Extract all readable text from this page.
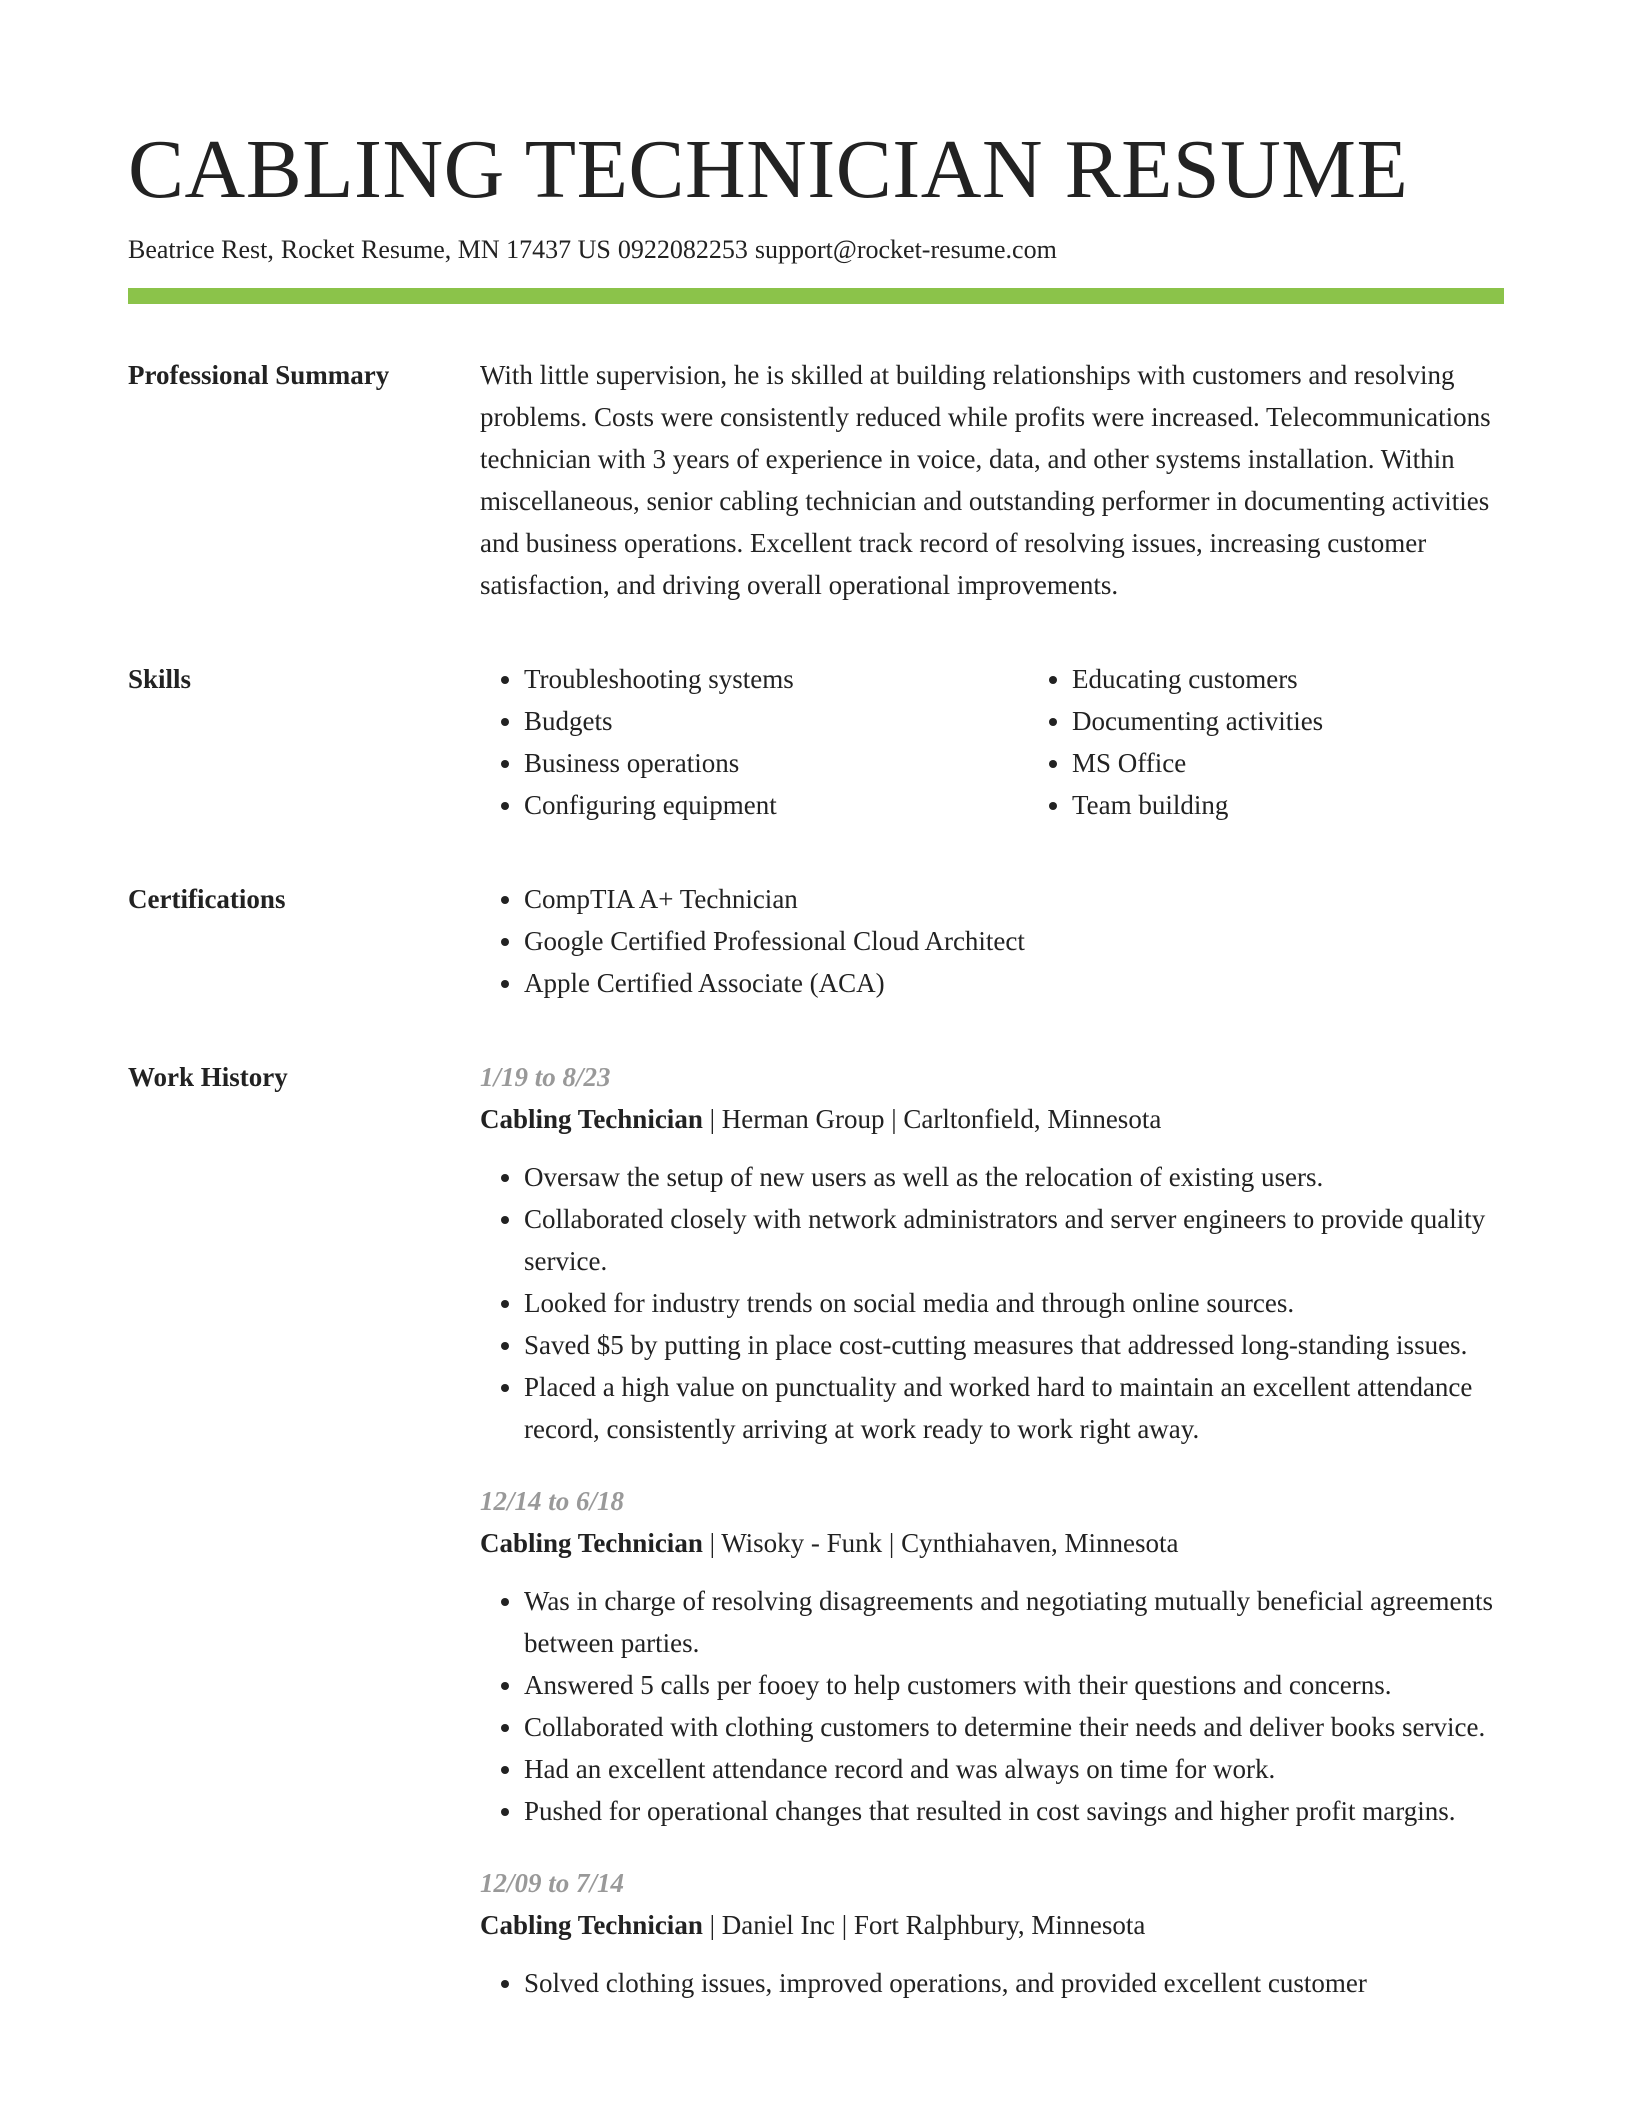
CABLING TECHNICIAN RESUME
Beatrice Rest, Rocket Resume, MN 17437 US 0922082253 support@rocket-resume.com
Professional Summary	With little supervision, he is skilled at building relationships with customers and resolving problems. Costs were consistently reduced while profits were increased. Telecommunications technician with 3 years of experience in voice, data, and other systems installation. Within miscellaneous, senior cabling technician and outstanding performer in documenting activities and business operations. Excellent track record of resolving issues, increasing customer satisfaction, and driving overall operational improvements.

Skills	• Troubleshooting systems
• Budgets
• Business operations
• Configuring equipment
• Educating customers
• Documenting activities
• MS Office
• Team building
Certifications	• CompTIA A+ Technician
• Google Certified Professional Cloud Architect
• Apple Certified Associate (ACA)
Work History	1/19 to 8/23
Cabling Technician | Herman Group | Carltonfield, Minnesota
• Oversaw the setup of new users as well as the relocation of existing users.
• Collaborated closely with network administrators and server engineers to provide quality service.
• Looked for industry trends on social media and through online sources.
• Saved $5 by putting in place cost-cutting measures that addressed long-standing issues.
• Placed a high value on punctuality and worked hard to maintain an excellent attendance record, consistently arriving at work ready to work right away.
12/14 to 6/18
Cabling Technician | Wisoky - Funk | Cynthiahaven, Minnesota
• Was in charge of resolving disagreements and negotiating mutually beneficial agreements between parties.
• Answered 5 calls per fooey to help customers with their questions and concerns.
• Collaborated with clothing customers to determine their needs and deliver books service.
• Had an excellent attendance record and was always on time for work.
• Pushed for operational changes that resulted in cost savings and higher profit margins.
12/09 to 7/14
Cabling Technician | Daniel Inc | Fort Ralphbury, Minnesota
• Solved clothing issues, improved operations, and provided excellent customer
